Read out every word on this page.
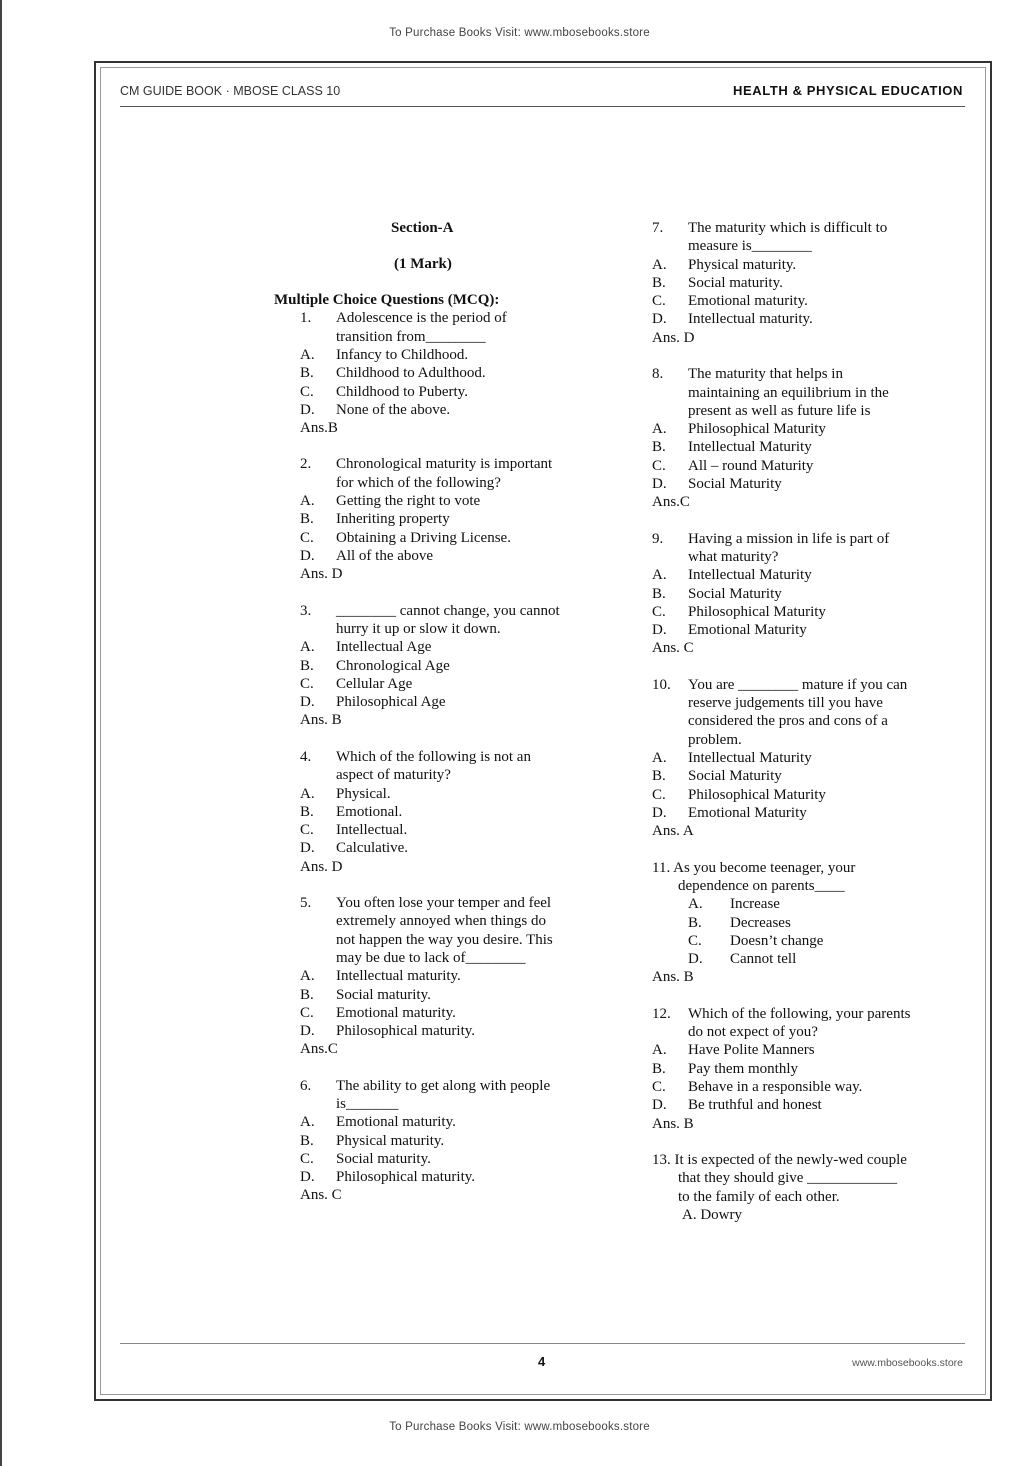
To Purchase Books Visit: www.mbosebooks.store
CM GUIDE BOOK · MBOSE CLASS 10	HEALTH & PHYSICAL EDUCATION
Section-A
(1 Mark)
Multiple Choice Questions (MCQ):
1. Adolescence is the period of
transition from________
A. Infancy to Childhood.
B. Childhood to Adulthood.
C. Childhood to Puberty.
D. None of the above.
Ans.B
2. Chronological maturity is important
for which of the following?
A. Getting the right to vote
B. Inheriting property
C. Obtaining a Driving License.
D. All of the above
Ans. D
3. ________ cannot change, you cannot
hurry it up or slow it down.
A. Intellectual Age
B. Chronological Age
C. Cellular Age
D. Philosophical Age
Ans. B
4. Which of the following is not an
aspect of maturity?
A. Physical.
B. Emotional.
C. Intellectual.
D. Calculative.
Ans. D
5. You often lose your temper and feel
extremely annoyed when things do
not happen the way you desire. This
may be due to lack of________
A. Intellectual maturity.
B. Social maturity.
C. Emotional maturity.
D. Philosophical maturity.
Ans.C
6. The ability to get along with people
is_______
A. Emotional maturity.
B. Physical maturity.
C. Social maturity.
D. Philosophical maturity.
Ans. C
7. The maturity which is difficult to
measure is________
A. Physical maturity.
B. Social maturity.
C. Emotional maturity.
D. Intellectual maturity.
Ans. D
8. The maturity that helps in
maintaining an equilibrium in the
present as well as future life is
A. Philosophical Maturity
B. Intellectual Maturity
C. All – round Maturity
D. Social Maturity
Ans.C
9. Having a mission in life is part of
what maturity?
A. Intellectual Maturity
B. Social Maturity
C. Philosophical Maturity
D. Emotional Maturity
Ans. C
10. You are ________ mature if you can
reserve judgements till you have
considered the pros and cons of a
problem.
A. Intellectual Maturity
B. Social Maturity
C. Philosophical Maturity
D. Emotional Maturity
Ans. A
11. As you become teenager, your
dependence on parents____
A. Increase
B. Decreases
C. Doesn’t change
D. Cannot tell
Ans. B
12. Which of the following, your parents
do not expect of you?
A. Have Polite Manners
B. Pay them monthly
C. Behave in a responsible way.
D. Be truthful and honest
Ans. B
13. It is expected of the newly-wed couple
that they should give ____________
to the family of each other.
A. Dowry
4	www.mbosebooks.store
To Purchase Books Visit: www.mbosebooks.store
